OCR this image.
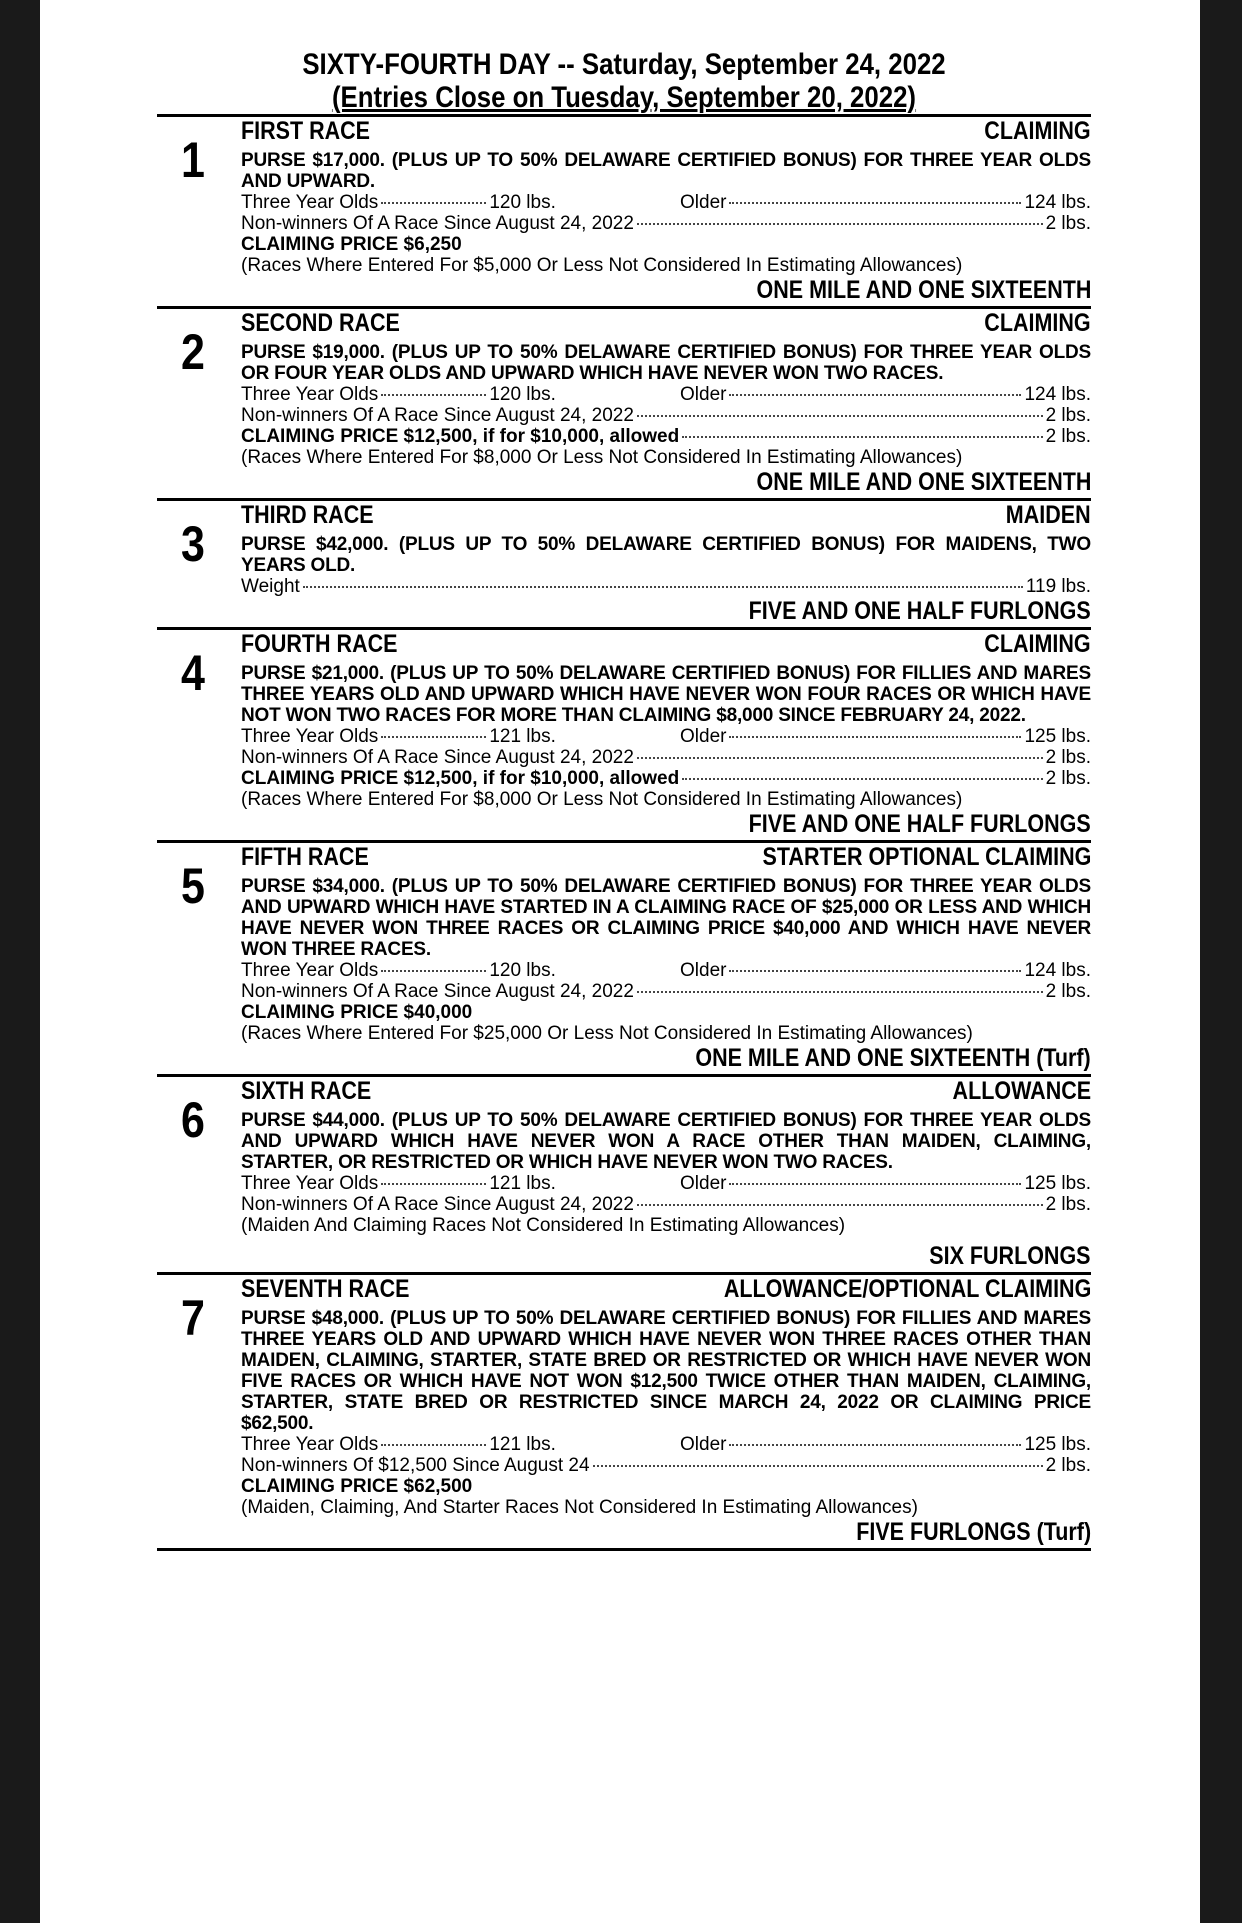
SIXTY-FOURTH DAY -- Saturday, September 24, 2022
(Entries Close on Tuesday, September 20, 2022)
1
FIRST RACE	CLAIMING
PURSE $17,000. (PLUS UP TO 50% DELAWARE CERTIFIED BONUS) FOR THREE YEAR OLDS AND UPWARD.
Three Year Olds	120 lbs.	Older	124 lbs.
Non-winners Of A Race Since August 24, 2022	2 lbs.
CLAIMING PRICE $6,250
(Races Where Entered For $5,000 Or Less Not Considered In Estimating Allowances)
ONE MILE AND ONE SIXTEENTH
2
SECOND RACE	CLAIMING
PURSE $19,000. (PLUS UP TO 50% DELAWARE CERTIFIED BONUS) FOR THREE YEAR OLDS OR FOUR YEAR OLDS AND UPWARD WHICH HAVE NEVER WON TWO RACES.
Three Year Olds	120 lbs.	Older	124 lbs.
Non-winners Of A Race Since August 24, 2022	2 lbs.
CLAIMING PRICE $12,500, if for $10,000, allowed	2 lbs.
(Races Where Entered For $8,000 Or Less Not Considered In Estimating Allowances)
ONE MILE AND ONE SIXTEENTH
3
THIRD RACE	MAIDEN
PURSE $42,000. (PLUS UP TO 50% DELAWARE CERTIFIED BONUS) FOR MAIDENS, TWO YEARS OLD.
Weight	119 lbs.
FIVE AND ONE HALF FURLONGS
4
FOURTH RACE	CLAIMING
PURSE $21,000. (PLUS UP TO 50% DELAWARE CERTIFIED BONUS) FOR FILLIES AND MARES THREE YEARS OLD AND UPWARD WHICH HAVE NEVER WON FOUR RACES OR WHICH HAVE NOT WON TWO RACES FOR MORE THAN CLAIMING $8,000 SINCE FEBRUARY 24, 2022.
Three Year Olds	121 lbs.	Older	125 lbs.
Non-winners Of A Race Since August 24, 2022	2 lbs.
CLAIMING PRICE $12,500, if for $10,000, allowed	2 lbs.
(Races Where Entered For $8,000 Or Less Not Considered In Estimating Allowances)
FIVE AND ONE HALF FURLONGS
5
FIFTH RACE	STARTER OPTIONAL CLAIMING
PURSE $34,000. (PLUS UP TO 50% DELAWARE CERTIFIED BONUS) FOR THREE YEAR OLDS AND UPWARD WHICH HAVE STARTED IN A CLAIMING RACE OF $25,000 OR LESS AND WHICH HAVE NEVER WON THREE RACES OR CLAIMING PRICE $40,000 AND WHICH HAVE NEVER WON THREE RACES.
Three Year Olds	120 lbs.	Older	124 lbs.
Non-winners Of A Race Since August 24, 2022	2 lbs.
CLAIMING PRICE $40,000
(Races Where Entered For $25,000 Or Less Not Considered In Estimating Allowances)
ONE MILE AND ONE SIXTEENTH (Turf)
6
SIXTH RACE	ALLOWANCE
PURSE $44,000. (PLUS UP TO 50% DELAWARE CERTIFIED BONUS) FOR THREE YEAR OLDS AND UPWARD WHICH HAVE NEVER WON A RACE OTHER THAN MAIDEN, CLAIMING, STARTER, OR RESTRICTED OR WHICH HAVE NEVER WON TWO RACES.
Three Year Olds	121 lbs.	Older	125 lbs.
Non-winners Of A Race Since August 24, 2022	2 lbs.
(Maiden And Claiming Races Not Considered In Estimating Allowances)
SIX FURLONGS
7
SEVENTH RACE	ALLOWANCE/OPTIONAL CLAIMING
PURSE $48,000. (PLUS UP TO 50% DELAWARE CERTIFIED BONUS) FOR FILLIES AND MARES THREE YEARS OLD AND UPWARD WHICH HAVE NEVER WON THREE RACES OTHER THAN MAIDEN, CLAIMING, STARTER, STATE BRED OR RESTRICTED OR WHICH HAVE NEVER WON FIVE RACES OR WHICH HAVE NOT WON $12,500 TWICE OTHER THAN MAIDEN, CLAIMING, STARTER, STATE BRED OR RESTRICTED SINCE MARCH 24, 2022 OR CLAIMING PRICE $62,500.
Three Year Olds	121 lbs.	Older	125 lbs.
Non-winners Of $12,500 Since August 24	2 lbs.
CLAIMING PRICE $62,500
(Maiden, Claiming, And Starter Races Not Considered In Estimating Allowances)
FIVE FURLONGS (Turf)
